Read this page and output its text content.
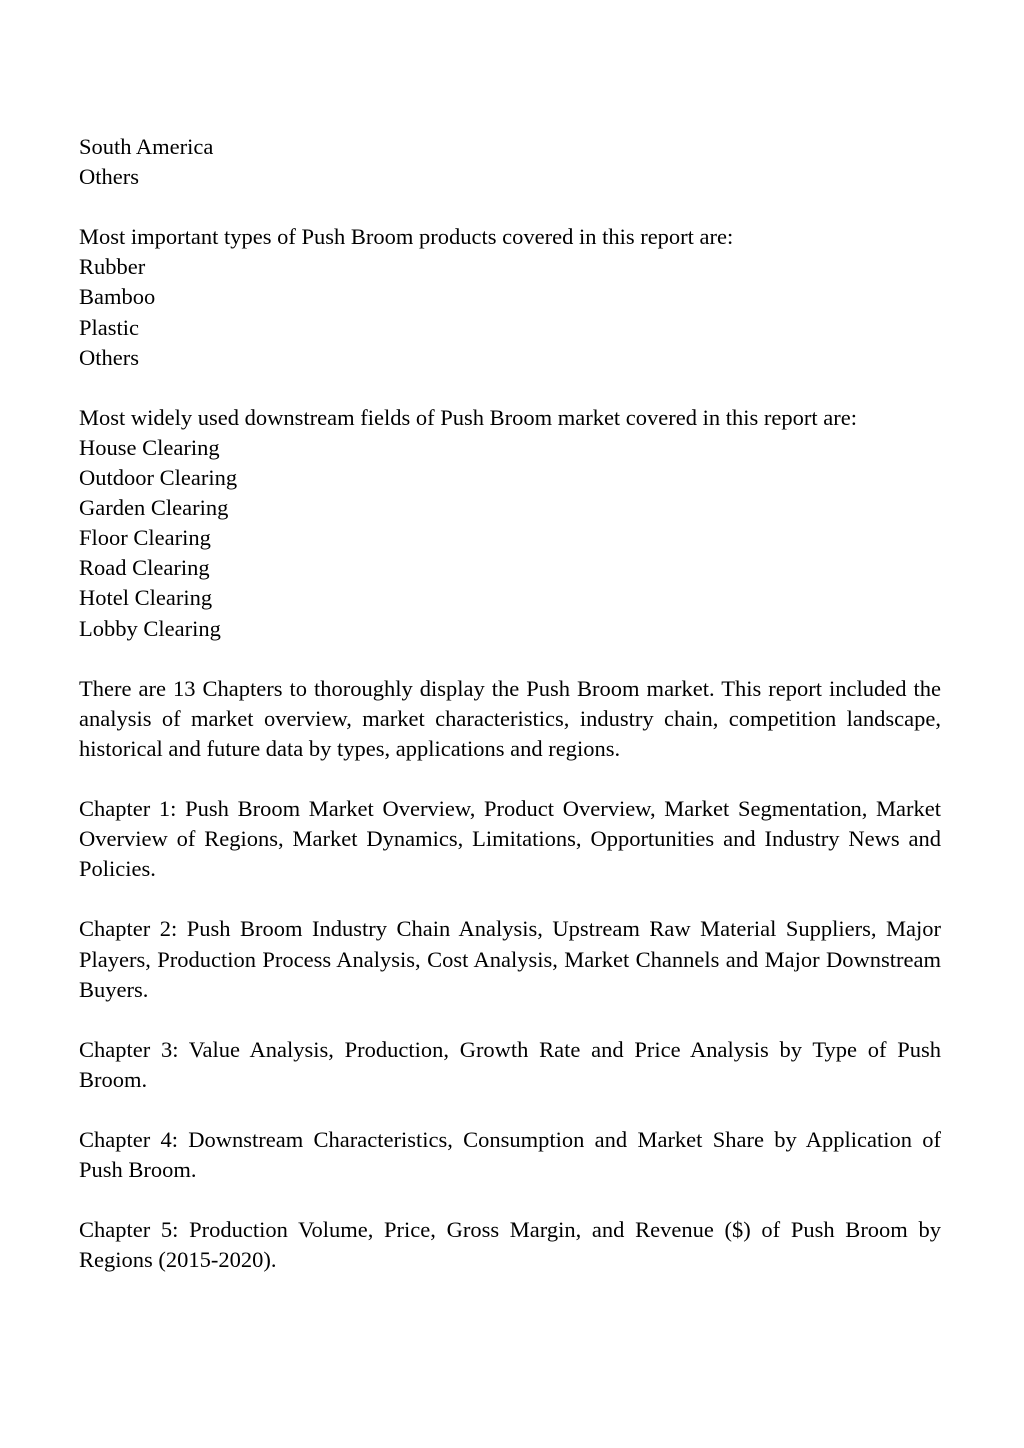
South America
Others
Most important types of Push Broom products covered in this report are:
Rubber
Bamboo
Plastic
Others
Most widely used downstream fields of Push Broom market covered in this report are:
House Clearing
Outdoor Clearing
Garden Clearing
Floor Clearing
Road Clearing
Hotel Clearing
Lobby Clearing

There are 13 Chapters to thoroughly display the Push Broom market. This report included the analysis of market overview, market characteristics, industry chain, competition landscape, historical and future data by types, applications and regions.

Chapter 1: Push Broom Market Overview, Product Overview, Market Segmentation, Market Overview of Regions, Market Dynamics, Limitations, Opportunities and Industry News and Policies.

Chapter 2: Push Broom Industry Chain Analysis, Upstream Raw Material Suppliers, Major Players, Production Process Analysis, Cost Analysis, Market Channels and Major Downstream Buyers.

Chapter 3: Value Analysis, Production, Growth Rate and Price Analysis by Type of Push Broom.

Chapter 4: Downstream Characteristics, Consumption and Market Share by Application of Push Broom.

Chapter 5: Production Volume, Price, Gross Margin, and Revenue ($) of Push Broom by Regions (2015-2020).
